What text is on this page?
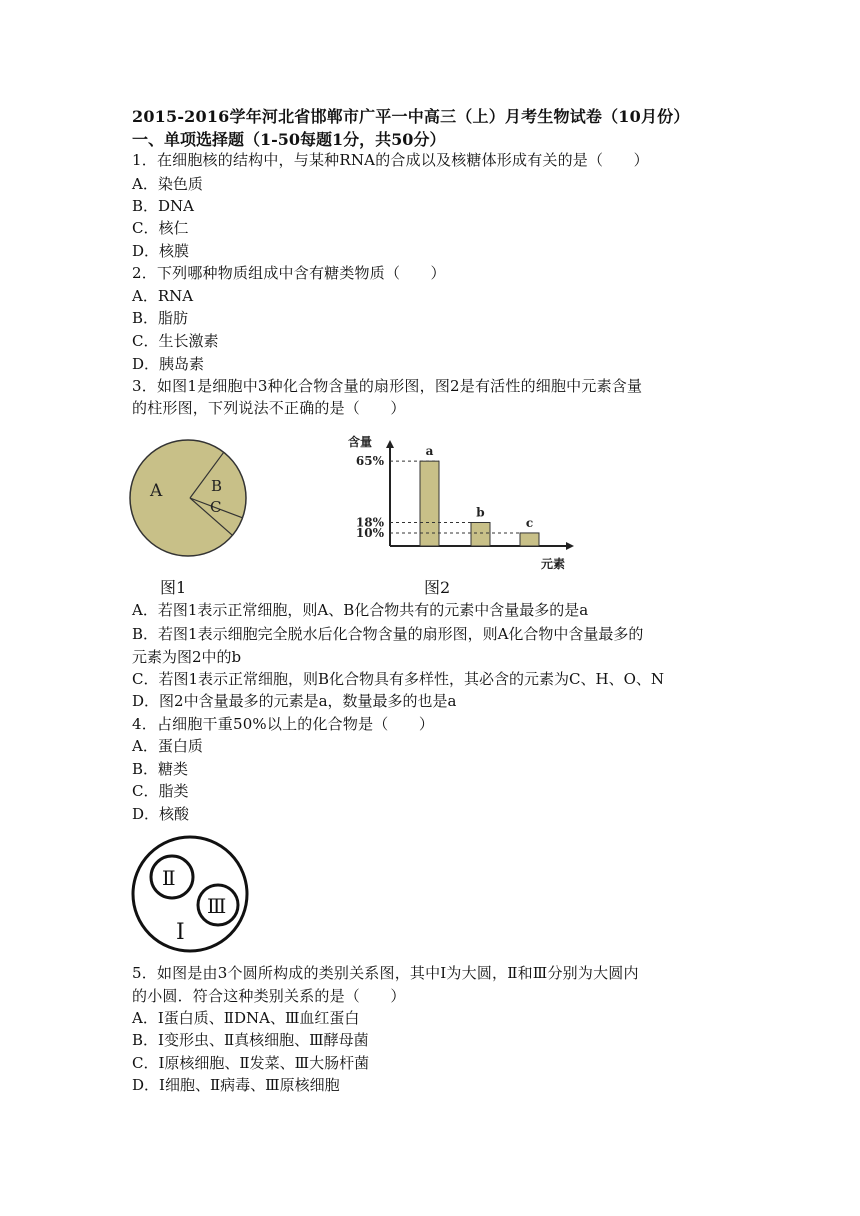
2015-2016学年河北省邯郸市广平一中高三（上）月考生物试卷（10月份）
一、单项选择题（1-50每题1分，共50分）
1．在细胞核的结构中，与某种RNA的合成以及核糖体形成有关的是（　　）
A．染色质
B．DNA
C．核仁
D．核膜
2．下列哪种物质组成中含有糖类物质（　　）
A．RNA
B．脂肪
C．生长激素
D．胰岛素
3．如图1是细胞中3种化合物含量的扇形图，图2是有活性的细胞中元素含量
的柱形图，下列说法不正确的是（　　）
A	B
C
图1
a
b
c
65%
18%
10%
含量
元素
图2
A．若图1表示正常细胞，则A、B化合物共有的元素中含量最多的是a
B．若图1表示细胞完全脱水后化合物含量的扇形图，则A化合物中含量最多的
元素为图2中的b
C．若图1表示正常细胞，则B化合物具有多样性，其必含的元素为C、H、O、N
D．图2中含量最多的元素是a，数量最多的也是a
4．占细胞干重50%以上的化合物是（　　）
A．蛋白质
B．糖类
C．脂类
D．核酸
Ⅰ
Ⅱ
Ⅲ
5．如图是由3个圆所构成的类别关系图，其中Ⅰ为大圆，Ⅱ和Ⅲ分别为大圆内
的小圆．符合这种类别关系的是（　　）
A．Ⅰ蛋白质、ⅡDNA、Ⅲ血红蛋白
B．Ⅰ变形虫、Ⅱ真核细胞、Ⅲ酵母菌
C．Ⅰ原核细胞、Ⅱ发菜、Ⅲ大肠杆菌
D．Ⅰ细胞、Ⅱ病毒、Ⅲ原核细胞
